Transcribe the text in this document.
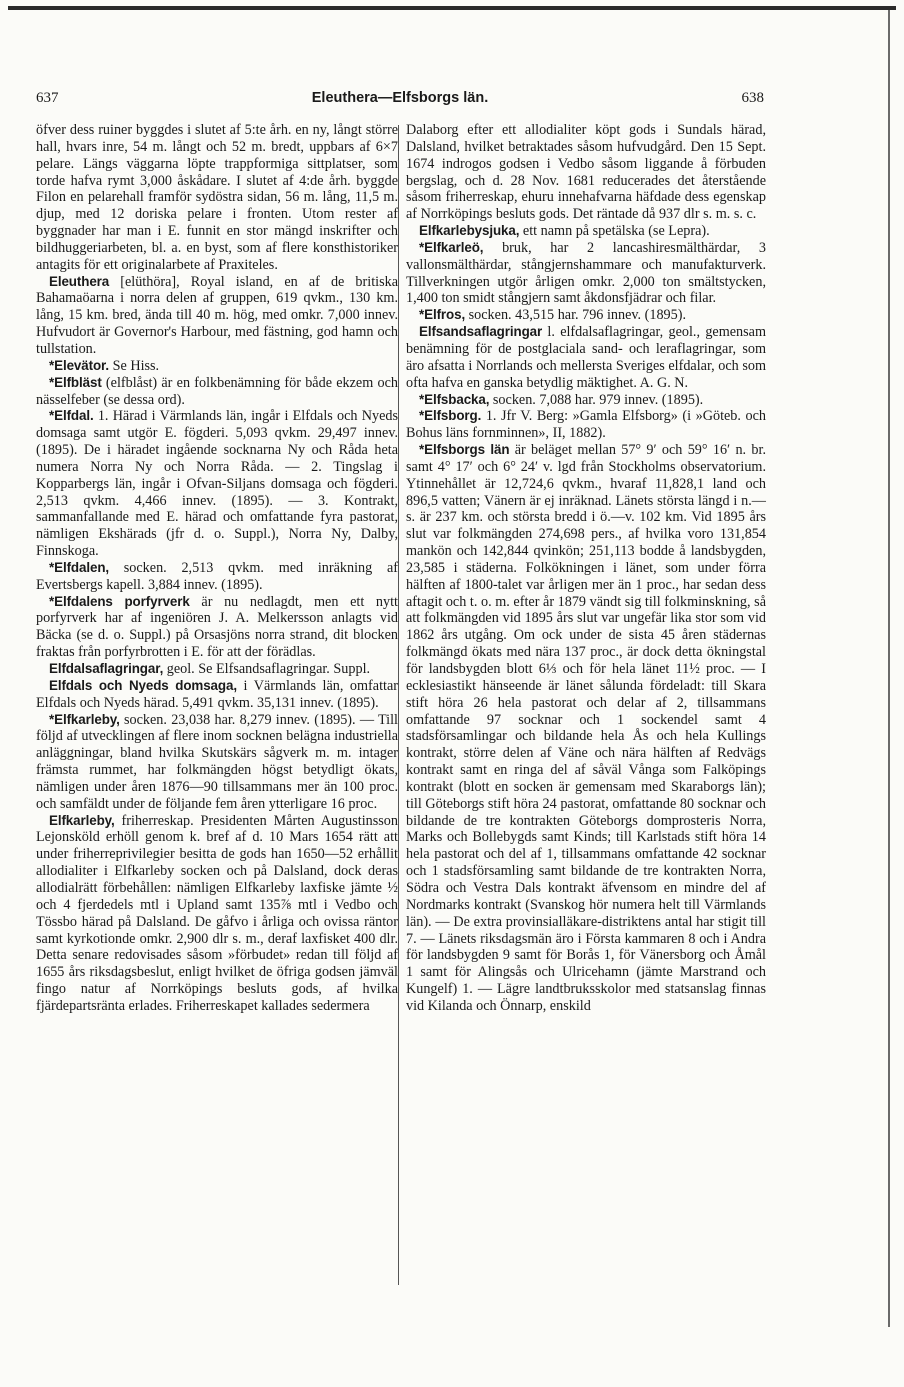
637	Eleuthera—Elfsborgs län.	638

öfver dess ruiner byggdes i slutet af 5:te årh. en ny, långt större hall, hvars inre, 54 m. långt och 52 m. bredt, uppbars af 6×7 pelare. Längs väggarna löpte trappformiga sittplatser, som torde hafva rymt 3,000 åskådare. I slutet af 4:de årh. byggde Filon en pelarehall framför sydöstra sidan, 56 m. lång, 11,5 m. djup, med 12 doriska pelare i fronten. Utom rester af byggnader har man i E. funnit en stor mängd inskrifter och bildhuggeriarbeten, bl. a. en byst, som af flere konsthistoriker antagits för ett originalarbete af Praxiteles.

Eleuthera [elüthöra], Royal island, en af de britiska Bahamaöarna i norra delen af gruppen, 619 qvkm., 130 km. lång, 15 km. bred, ända till 40 m. hög, med omkr. 7,000 innev. Hufvudort är Governor's Harbour, med fästning, god hamn och tullstation.

*Elevätor. Se Hiss.

*Elfbläst (elfblåst) är en folkbenämning för både ekzem och nässelfeber (se dessa ord).

*Elfdal. 1. Härad i Värmlands län, ingår i Elfdals och Nyeds domsaga samt utgör E. fögderi. 5,093 qvkm. 29,497 innev. (1895). De i häradet ingående socknarna Ny och Råda heta numera Norra Ny och Norra Råda. — 2. Tingslag i Kopparbergs län, ingår i Ofvan-Siljans domsaga och fögderi. 2,513 qvkm. 4,466 innev. (1895). — 3. Kontrakt, sammanfallande med E. härad och omfattande fyra pastorat, nämligen Ekshärads (jfr d. o. Suppl.), Norra Ny, Dalby, Finnskoga.

*Elfdalen, socken. 2,513 qvkm. med inräkning af Evertsbergs kapell. 3,884 innev. (1895).

*Elfdalens porfyrverk är nu nedlagdt, men ett nytt porfyrverk har af ingeniören J. A. Melkersson anlagts vid Bäcka (se d. o. Suppl.) på Orsasjöns norra strand, dit blocken fraktas från porfyrbrotten i E. för att der förädlas.

Elfdalsaflagringar, geol. Se Elfsandsaflagringar. Suppl.

Elfdals och Nyeds domsaga, i Värmlands län, omfattar Elfdals och Nyeds härad. 5,491 qvkm. 35,131 innev. (1895).

*Elfkarleby, socken. 23,038 har. 8,279 innev. (1895). — Till följd af utvecklingen af flere inom socknen belägna industriella anläggningar, bland hvilka Skutskärs sågverk m. m. intager främsta rummet, har folkmängden högst betydligt ökats, nämligen under åren 1876—90 tillsammans mer än 100 proc. och samfäldt under de följande fem åren ytterligare 16 proc.

Elfkarleby, friherreskap. Presidenten Mårten Augustinsson Lejonsköld erhöll genom k. bref af d. 10 Mars 1654 rätt att under friherreprivilegier besitta de gods han 1650—52 erhållit allodialiter i Elfkarleby socken och på Dalsland, dock deras allodialrätt förbehållen: nämligen Elfkarleby laxfiske jämte ½ och 4 fjerdedels mtl i Upland samt 135⅞ mtl i Vedbo och Tössbo härad på Dalsland. De gåfvo i årliga och ovissa räntor samt kyrkotionde omkr. 2,900 dlr s. m., deraf laxfisket 400 dlr. Detta senare redovisades såsom »förbudet» redan till följd af 1655 års riksdagsbeslut, enligt hvilket de öfriga godsen jämväl fingo natur af Norrköpings besluts gods, af hvilka fjärdepartsränta erlades. Friherreskapet kallades sedermera

Dalaborg efter ett allodialiter köpt gods i Sundals härad, Dalsland, hvilket betraktades såsom hufvudgård. Den 15 Sept. 1674 indrogos godsen i Vedbo såsom liggande å förbuden bergslag, och d. 28 Nov. 1681 reducerades det återstående såsom friherreskap, ehuru innehafvarna häfdade dess egenskap af Norrköpings besluts gods. Det räntade då 937 dlr s. m. s. c.

Elfkarlebysjuka, ett namn på spetälska (se Lepra).

*Elfkarleö, bruk, har 2 lancashiresmälthärdar, 3 vallonsmälthärdar, stångjernshammare och manufakturverk. Tillverkningen utgör årligen omkr. 2,000 ton smältstycken, 1,400 ton smidt stångjern samt åkdonsfjädrar och filar.

*Elfros, socken. 43,515 har. 796 innev. (1895).

Elfsandsaflagringar l. elfdalsaflagringar, geol., gemensam benämning för de postglaciala sand- och leraflagringar, som äro afsatta i Norrlands och mellersta Sveriges elfdalar, och som ofta hafva en ganska betydlig mäktighet. A. G. N.

*Elfsbacka, socken. 7,088 har. 979 innev. (1895).

*Elfsborg. 1. Jfr V. Berg: »Gamla Elfsborg» (i »Göteb. och Bohus läns fornminnen», II, 1882).

*Elfsborgs län är beläget mellan 57° 9′ och 59° 16′ n. br. samt 4° 17′ och 6° 24′ v. lgd från Stockholms observatorium. Ytinnehållet är 12,724,6 qvkm., hvaraf 11,828,1 land och 896,5 vatten; Vänern är ej inräknad. Länets största längd i n.—s. är 237 km. och största bredd i ö.—v. 102 km. Vid 1895 års slut var folkmängden 274,698 pers., af hvilka voro 131,854 mankön och 142,844 qvinkön; 251,113 bodde å landsbygden, 23,585 i städerna. Folkökningen i länet, som under förra hälften af 1800-talet var årligen mer än 1 proc., har sedan dess aftagit och t. o. m. efter år 1879 vändt sig till folkminskning, så att folkmängden vid 1895 års slut var ungefär lika stor som vid 1862 års utgång. Om ock under de sista 45 åren städernas folkmängd ökats med nära 137 proc., är dock detta ökningstal för landsbygden blott 6⅓ och för hela länet 11½ proc. — I ecklesiastikt hänseende är länet sålunda fördeladt: till Skara stift höra 26 hela pastorat och delar af 2, tillsammans omfattande 97 socknar och 1 sockendel samt 4 stadsförsamlingar och bildande hela Ås och hela Kullings kontrakt, större delen af Väne och nära hälften af Redvägs kontrakt samt en ringa del af såväl Vånga som Falköpings kontrakt (blott en socken är gemensam med Skaraborgs län); till Göteborgs stift höra 24 pastorat, omfattande 80 socknar och bildande de tre kontrakten Göteborgs domprosteris Norra, Marks och Bollebygds samt Kinds; till Karlstads stift höra 14 hela pastorat och del af 1, tillsammans omfattande 42 socknar och 1 stadsförsamling samt bildande de tre kontrakten Norra, Södra och Vestra Dals kontrakt äfvensom en mindre del af Nordmarks kontrakt (Svanskog hör numera helt till Värmlands län). — De extra provinsialläkare-distriktens antal har stigit till 7. — Länets riksdagsmän äro i Första kammaren 8 och i Andra för landsbygden 9 samt för Borås 1, för Vänersborg och Åmål 1 samt för Alingsås och Ulricehamn (jämte Marstrand och Kungelf) 1. — Lägre landtbruksskolor med statsanslag finnas vid Kilanda och Önnarp, enskild
